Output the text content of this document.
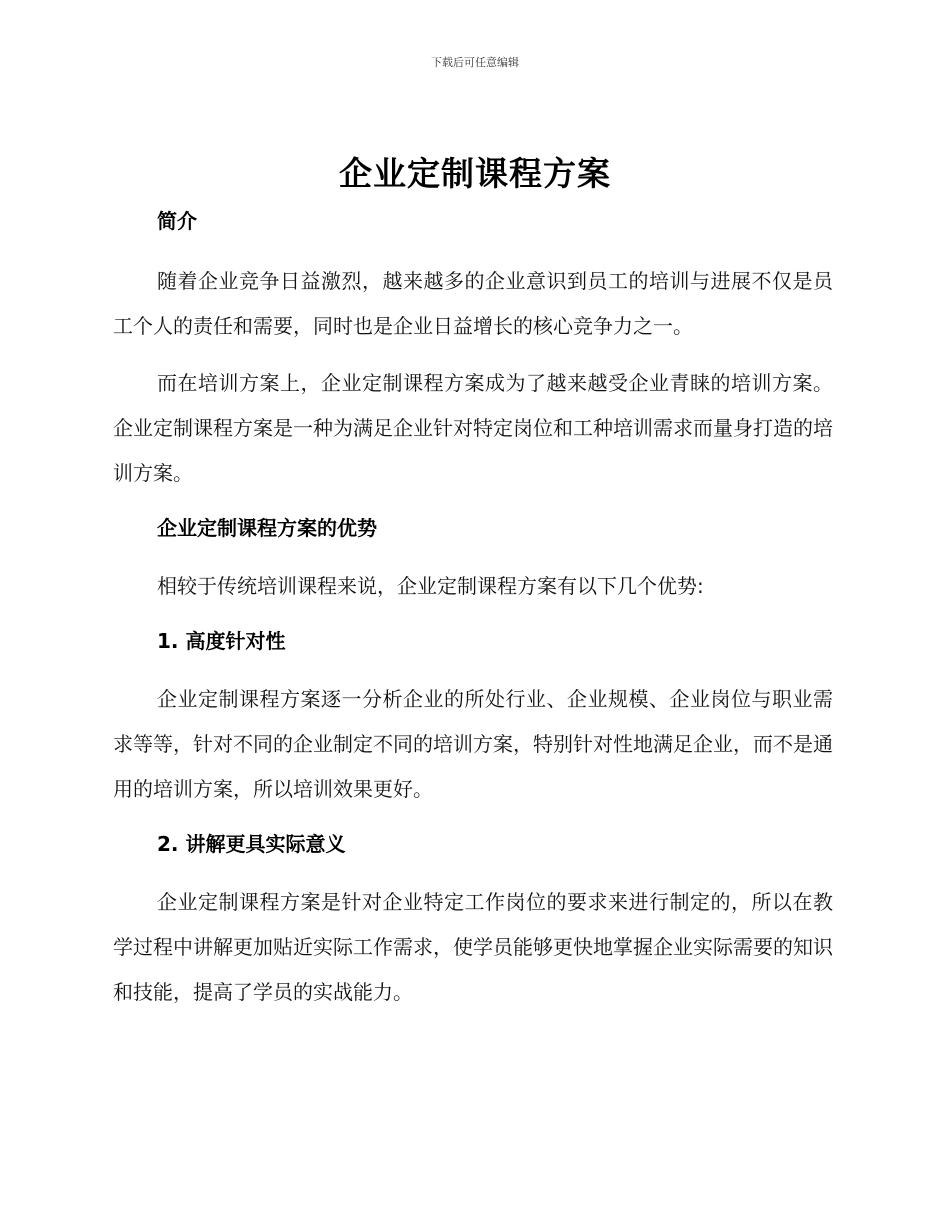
下载后可任意编辑
企业定制课程方案
简介

随着企业竞争日益激烈，越来越多的企业意识到员工的培训与进展不仅是员工个人的责任和需要，同时也是企业日益增长的核心竞争力之一。

而在培训方案上，企业定制课程方案成为了越来越受企业青睐的培训方案。企业定制课程方案是一种为满足企业针对特定岗位和工种培训需求而量身打造的培训方案。

企业定制课程方案的优势

相较于传统培训课程来说，企业定制课程方案有以下几个优势:

1. 高度针对性

企业定制课程方案逐一分析企业的所处行业、企业规模、企业岗位与职业需求等等，针对不同的企业制定不同的培训方案，特别针对性地满足企业，而不是通用的培训方案，所以培训效果更好。

2. 讲解更具实际意义

企业定制课程方案是针对企业特定工作岗位的要求来进行制定的，所以在教学过程中讲解更加贴近实际工作需求，使学员能够更快地掌握企业实际需要的知识和技能，提高了学员的实战能力。
